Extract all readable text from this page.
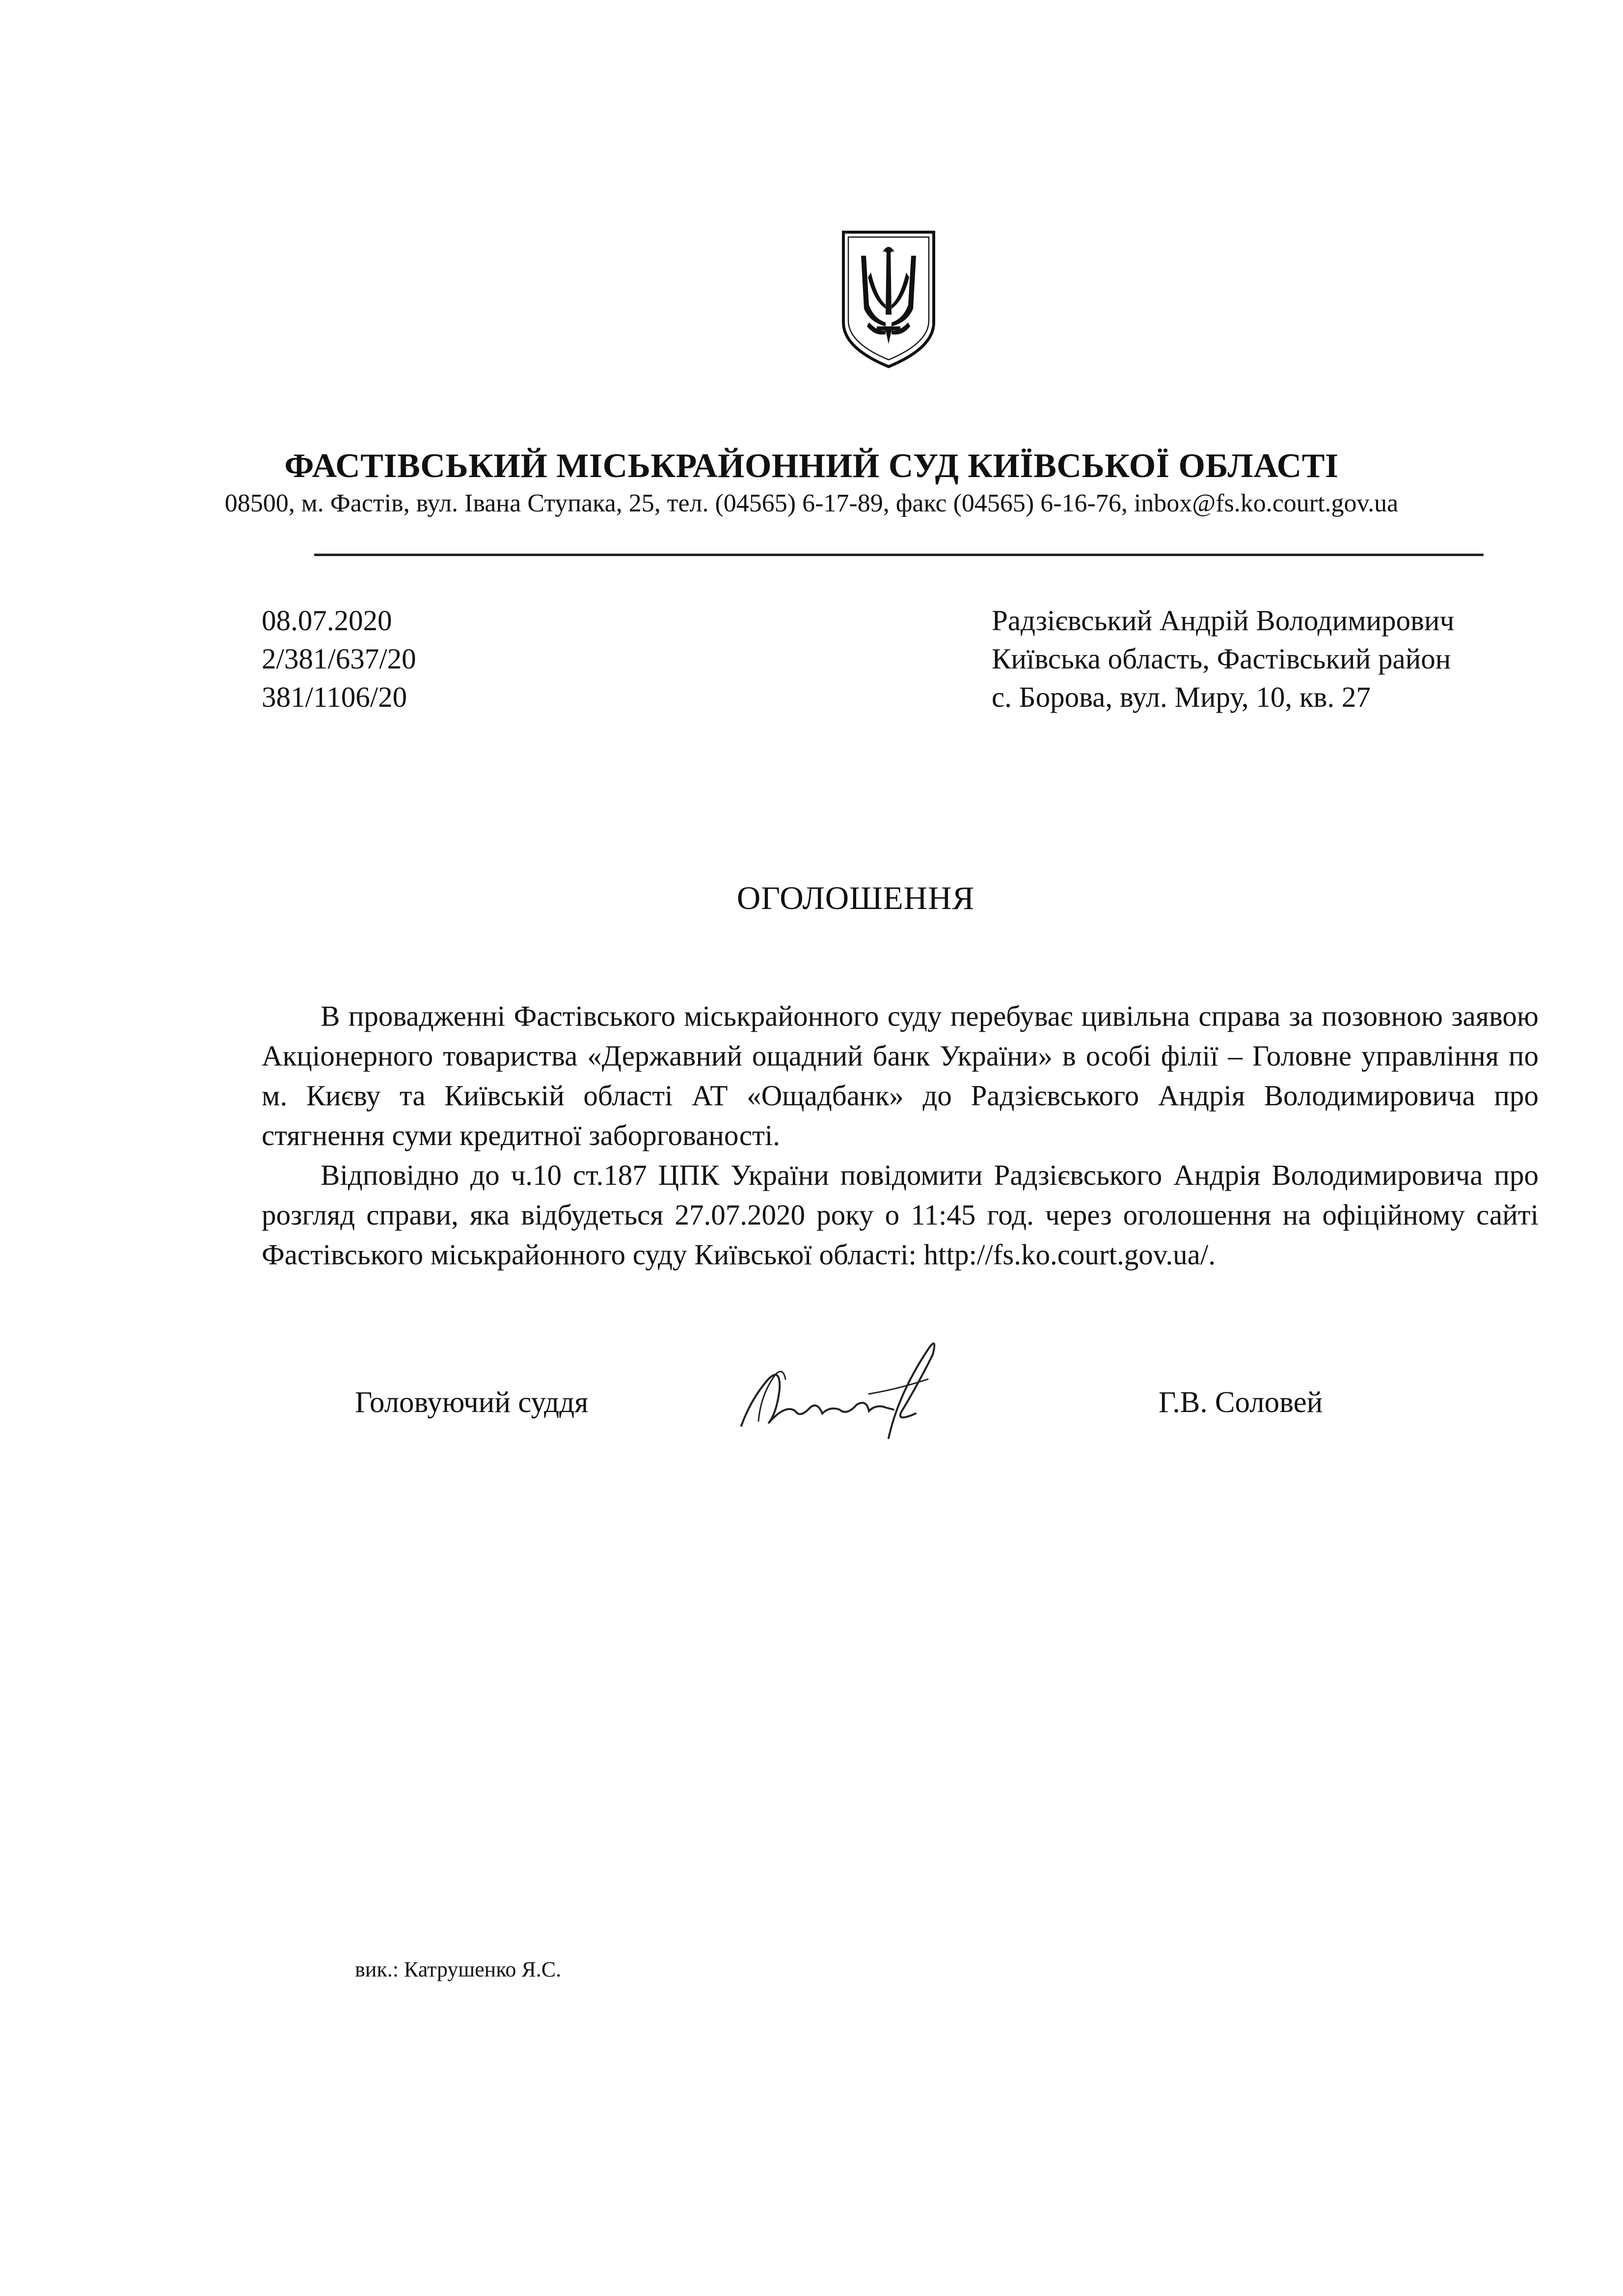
ФАСТІВСЬКИЙ МІСЬКРАЙОННИЙ СУД КИЇВСЬКОЇ ОБЛАСТІ
08500, м. Фастів, вул. Івана Ступака, 25, тел. (04565) 6-17-89, факс (04565) 6-16-76, inbox@fs.ko.court.gov.ua
08.07.2020
2/381/637/20
381/1106/20
Радзієвський Андрій Володимирович
Київська область, Фастівський район
с. Борова, вул. Миру, 10, кв. 27
ОГОЛОШЕННЯ

В провадженні Фастівського міськрайонного суду перебуває цивільна справа за позовною заявою Акціонерного товариства «Державний ощадний банк України» в особі філії – Головне управління по м. Києву та Київській області АТ «Ощадбанк» до Радзієвського Андрія Володимировича про стягнення суми кредитної заборгованості.

Відповідно до ч.10 ст.187 ЦПК України повідомити Радзієвського Андрія Володимировича про розгляд справи, яка відбудеться 27.07.2020 року о 11:45 год. через оголошення на офіційному сайті Фастівського міськрайонного суду Київської області: http://fs.ko.court.gov.ua/.

Головуючий суддя	Г.В. Соловей
вик.: Катрушенко Я.С.
